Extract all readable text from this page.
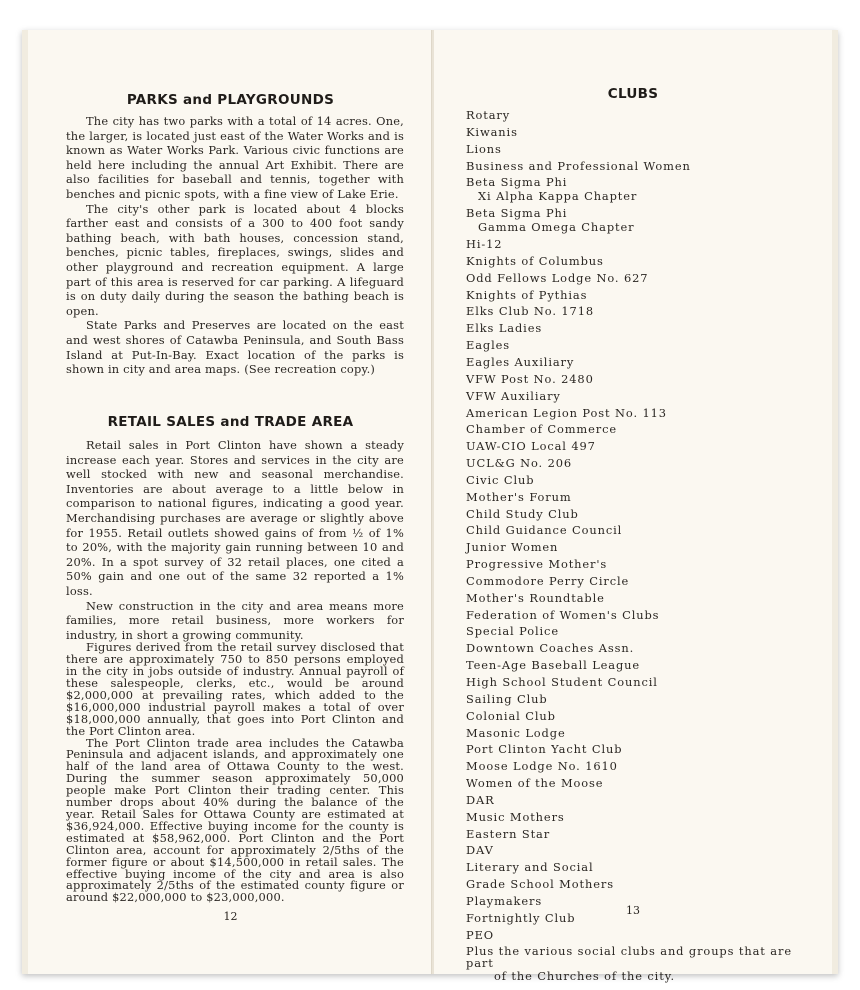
PARKS and PLAYGROUNDS

The city has two parks with a total of 14 acres. One, the larger, is located just east of the Water Works and is known as Water Works Park. Various civic functions are held here including the annual Art Exhibit. There are also facilities for baseball and tennis, together with benches and picnic spots, with a fine view of Lake Erie.

The city's other park is located about 4 blocks farther east and consists of a 300 to 400 foot sandy bathing beach, with bath houses, concession stand, benches, picnic tables, fireplaces, swings, slides and other playground and recreation equipment. A large part of this area is reserved for car parking. A lifeguard is on duty daily during the season the bathing beach is open.

State Parks and Preserves are located on the east and west shores of Catawba Peninsula, and South Bass Island at Put-In-Bay. Exact location of the parks is shown in city and area maps. (See recreation copy.)

RETAIL SALES and TRADE AREA

Retail sales in Port Clinton have shown a steady increase each year. Stores and services in the city are well stocked with new and seasonal merchandise. Inventories are about average to a little below in comparison to national figures, indicating a good year. Merchandising purchases are average or slightly above for 1955. Retail outlets showed gains of from ½ of 1% to 20%, with the majority gain running between 10 and 20%. In a spot survey of 32 retail places, one cited a 50% gain and one out of the same 32 reported a 1% loss.

New construction in the city and area means more families, more retail business, more workers for industry, in short a growing community.

Figures derived from the retail survey disclosed that there are approximately 750 to 850 persons employed in the city in jobs outside of industry. Annual payroll of these salespeople, clerks, etc., would be around $2,000,000 at prevailing rates, which added to the $16,000,000 industrial payroll makes a total of over $18,000,000 annually, that goes into Port Clinton and the Port Clinton area.

The Port Clinton trade area includes the Catawba Peninsula and adjacent islands, and approximately one half of the land area of Ottawa County to the west. During the summer season approximately 50,000 people make Port Clinton their trading center. This number drops about 40% during the balance of the year. Retail Sales for Ottawa County are estimated at $36,924,000. Effective buying income for the county is estimated at $58,962,000. Port Clinton and the Port Clinton area, account for approximately 2/5ths of the former figure or about $14,500,000 in retail sales. The effective buying income of the city and area is also approximately 2/5ths of the estimated county figure or around $22,000,000 to $23,000,000.

12
CLUBS
Rotary
Kiwanis
Lions
Business and Professional Women
Beta Sigma Phi
Xi Alpha Kappa Chapter
Beta Sigma Phi
Gamma Omega Chapter
Hi-12
Knights of Columbus
Odd Fellows Lodge No. 627
Knights of Pythias
Elks Club No. 1718
Elks Ladies
Eagles
Eagles Auxiliary
VFW Post No. 2480
VFW Auxiliary
American Legion Post No. 113
Chamber of Commerce
UAW-CIO Local 497
UCL&G No. 206
Civic Club
Mother's Forum
Child Study Club
Child Guidance Council
Junior Women
Progressive Mother's
Commodore Perry Circle
Mother's Roundtable
Federation of Women's Clubs
Special Police
Downtown Coaches Assn.
Teen-Age Baseball League
High School Student Council
Sailing Club
Colonial Club
Masonic Lodge
Port Clinton Yacht Club
Moose Lodge No. 1610
Women of the Moose
DAR
Music Mothers
Eastern Star
DAV
Literary and Social
Grade School Mothers
Playmakers
Fortnightly Club
PEO
Plus the various social clubs and groups that are part
of the Churches of the city.
13
